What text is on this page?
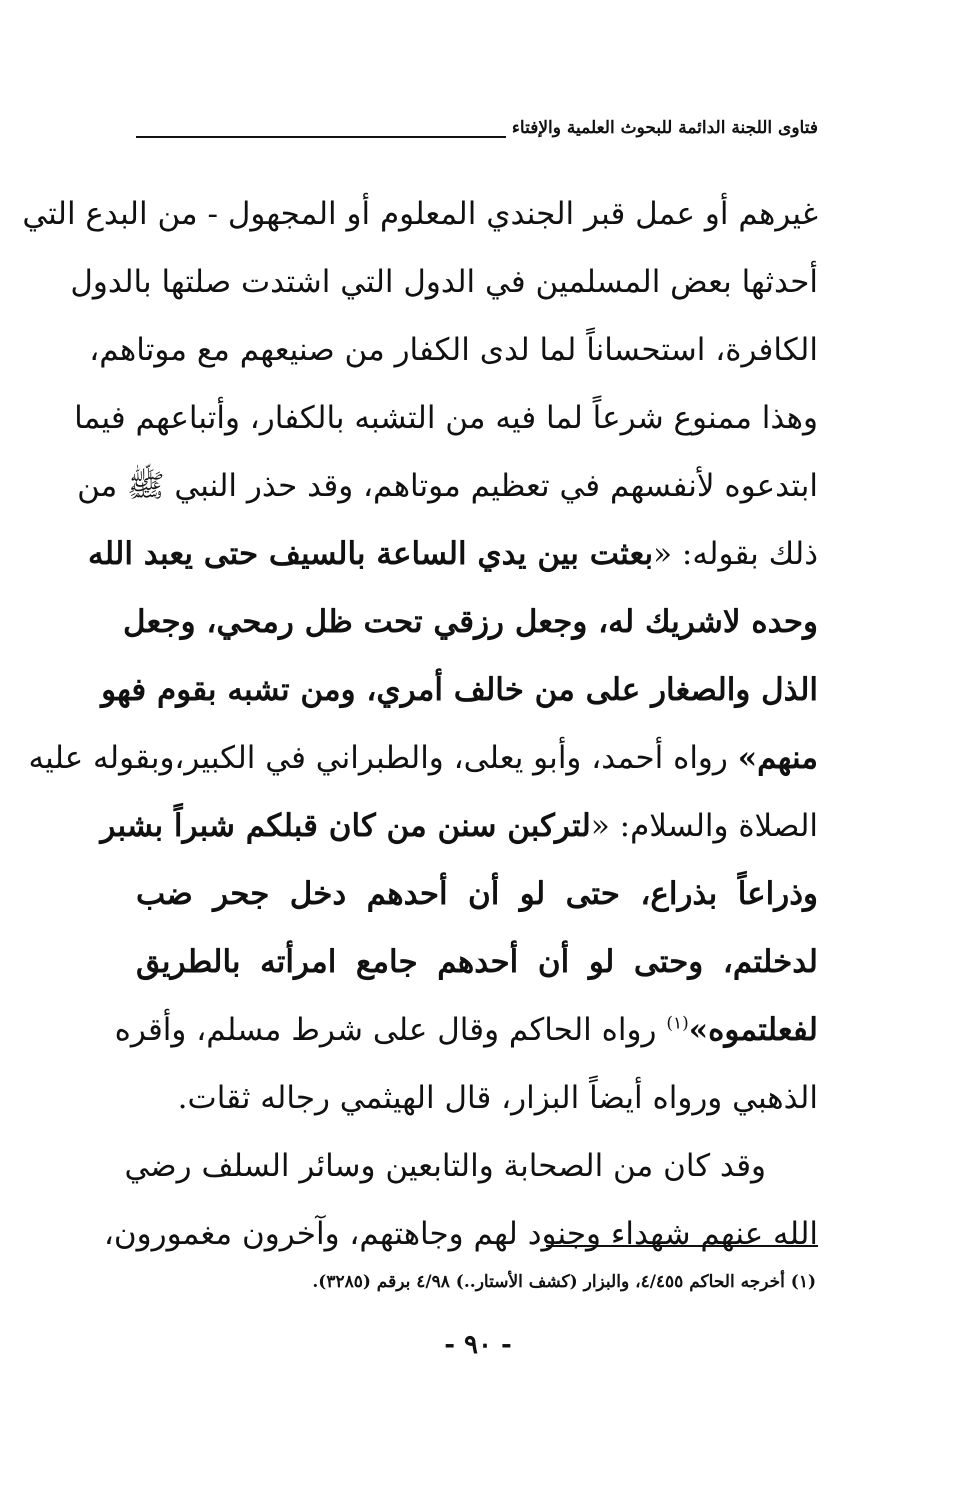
فتاوى اللجنة الدائمة للبحوث العلمية والإفتاء
غيرهم أو عمل قبر الجندي المعلوم أو المجهول - من البدع التي
أحدثها بعض المسلمين في الدول التي اشتدت صلتها بالدول
الكافرة، استحساناً لما لدى الكفار من صنيعهم مع موتاهم،
وهذا ممنوع شرعاً لما فيه من التشبه بالكفار، وأتباعهم فيما
ابتدعوه لأنفسهم في تعظيم موتاهم، وقد حذر النبي ﷺ من
ذلك بقوله: «بعثت بين يدي الساعة بالسيف حتى يعبد الله
وحده لاشريك له، وجعل رزقي تحت ظل رمحي، وجعل
الذل والصغار على من خالف أمري، ومن تشبه بقوم فهو
منهم» رواه أحمد، وأبو يعلى، والطبراني في الكبير،وبقوله عليه
الصلاة والسلام: «لتركبن سنن من كان قبلكم شبراً بشبر
وذراعاً بذراع، حتى لو أن أحدهم دخل جحر ضب
لدخلتم، وحتى لو أن أحدهم جامع امرأته بالطريق
لفعلتموه»$^{(١)}$ رواه الحاكم وقال على شرط مسلم، وأقره
الذهبي ورواه أيضاً البزار، قال الهيثمي رجاله ثقات.
وقد كان من الصحابة والتابعين وسائر السلف رضي
الله عنهم شهداء وجنود لهم وجاهتهم، وآخرون مغمورون،
(١) أخرجه الحاكم ٤/٤٥٥، والبزار (كشف الأستار..) ٤/٩٨ برقم (٣٢٨٥).
- ٩٠ -
